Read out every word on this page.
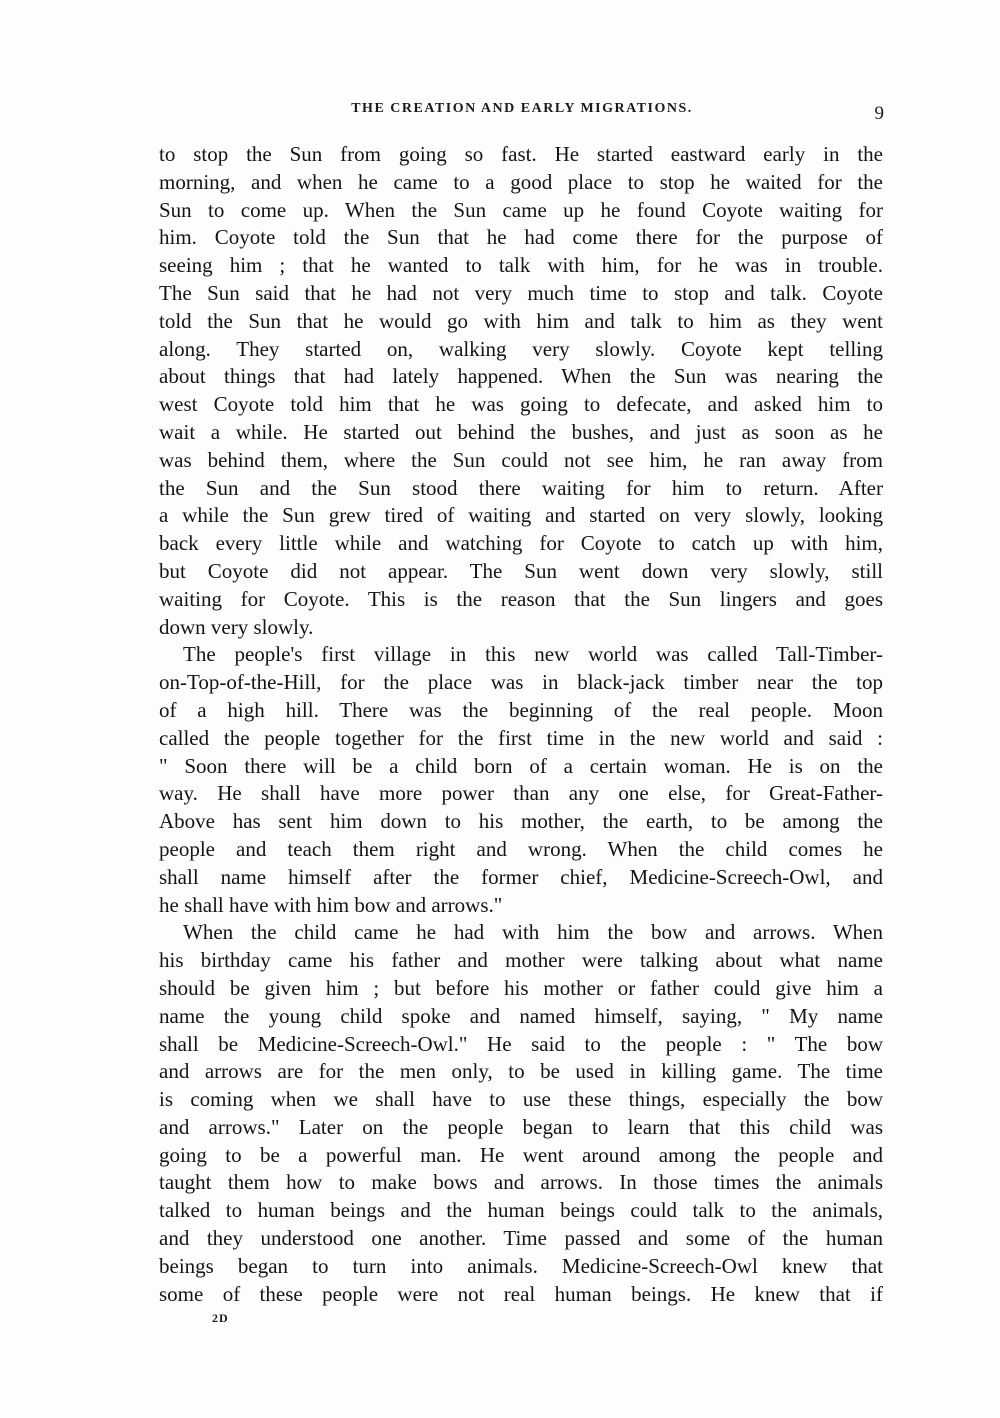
THE CREATION AND EARLY MIGRATIONS.	9
to stop the Sun from going so fast. He started eastward early in the
morning, and when he came to a good place to stop he waited for the
Sun to come up. When the Sun came up he found Coyote waiting for
him. Coyote told the Sun that he had come there for the purpose of
seeing him ; that he wanted to talk with him, for he was in trouble.
The Sun said that he had not very much time to stop and talk. Coyote
told the Sun that he would go with him and talk to him as they went
along. They started on, walking very slowly. Coyote kept telling
about things that had lately happened. When the Sun was nearing the
west Coyote told him that he was going to defecate, and asked him to
wait a while. He started out behind the bushes, and just as soon as he
was behind them, where the Sun could not see him, he ran away from
the Sun and the Sun stood there waiting for him to return. After
a while the Sun grew tired of waiting and started on very slowly, looking
back every little while and watching for Coyote to catch up with him,
but Coyote did not appear. The Sun went down very slowly, still
waiting for Coyote. This is the reason that the Sun lingers and goes
down very slowly.
The people's first village in this new world was called Tall-Timber-
on-Top-of-the-Hill, for the place was in black-jack timber near the top
of a high hill. There was the beginning of the real people. Moon
called the people together for the first time in the new world and said :
" Soon there will be a child born of a certain woman. He is on the
way. He shall have more power than any one else, for Great-Father-
Above has sent him down to his mother, the earth, to be among the
people and teach them right and wrong. When the child comes he
shall name himself after the former chief, Medicine-Screech-Owl, and
he shall have with him bow and arrows."
When the child came he had with him the bow and arrows. When
his birthday came his father and mother were talking about what name
should be given him ; but before his mother or father could give him a
name the young child spoke and named himself, saying, " My name
shall be Medicine-Screech-Owl." He said to the people : " The bow
and arrows are for the men only, to be used in killing game. The time
is coming when we shall have to use these things, especially the bow
and arrows." Later on the people began to learn that this child was
going to be a powerful man. He went around among the people and
taught them how to make bows and arrows. In those times the animals
talked to human beings and the human beings could talk to the animals,
and they understood one another. Time passed and some of the human
beings began to turn into animals. Medicine-Screech-Owl knew that
some of these people were not real human beings. He knew that if
2D
